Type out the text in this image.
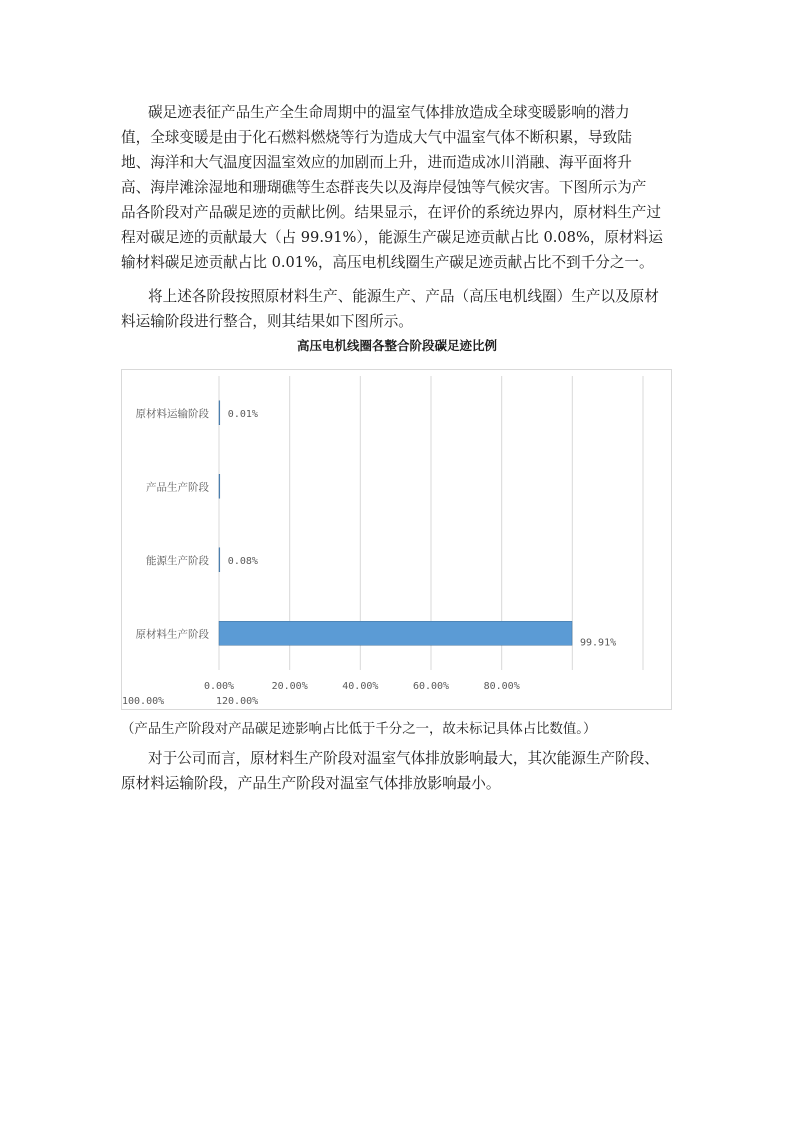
碳足迹表征产品生产全生命周期中的温室气体排放造成全球变暖影响的潜力
值，全球变暖是由于化石燃料燃烧等行为造成大气中温室气体不断积累，导致陆
地、海洋和大气温度因温室效应的加剧而上升，进而造成冰川消融、海平面将升
高、海岸滩涂湿地和珊瑚礁等生态群丧失以及海岸侵蚀等气候灾害。下图所示为产
品各阶段对产品碳足迹的贡献比例。结果显示，在评价的系统边界内，原材料生产过
程对碳足迹的贡献最大（占 99.91%），能源生产碳足迹贡献占比 0.08%，原材料运
输材料碳足迹贡献占比 0.01%，高压电机线圈生产碳足迹贡献占比不到千分之一。
将上述各阶段按照原材料生产、能源生产、产品（高压电机线圈）生产以及原材
料运输阶段进行整合，则其结果如下图所示。
高压电机线圈各整合阶段碳足迹比例
原材料运输阶段 0.01%
产品生产阶段
能源生产阶段 0.08%
原材料生产阶段
99.91%
0.00%	20.00%	40.00%	60.00%	80.00%
100.00%	120.00%
（产品生产阶段对产品碳足迹影响占比低于千分之一，故未标记具体占比数值。）
对于公司而言，原材料生产阶段对温室气体排放影响最大，其次能源生产阶段、
原材料运输阶段，产品生产阶段对温室气体排放影响最小。
